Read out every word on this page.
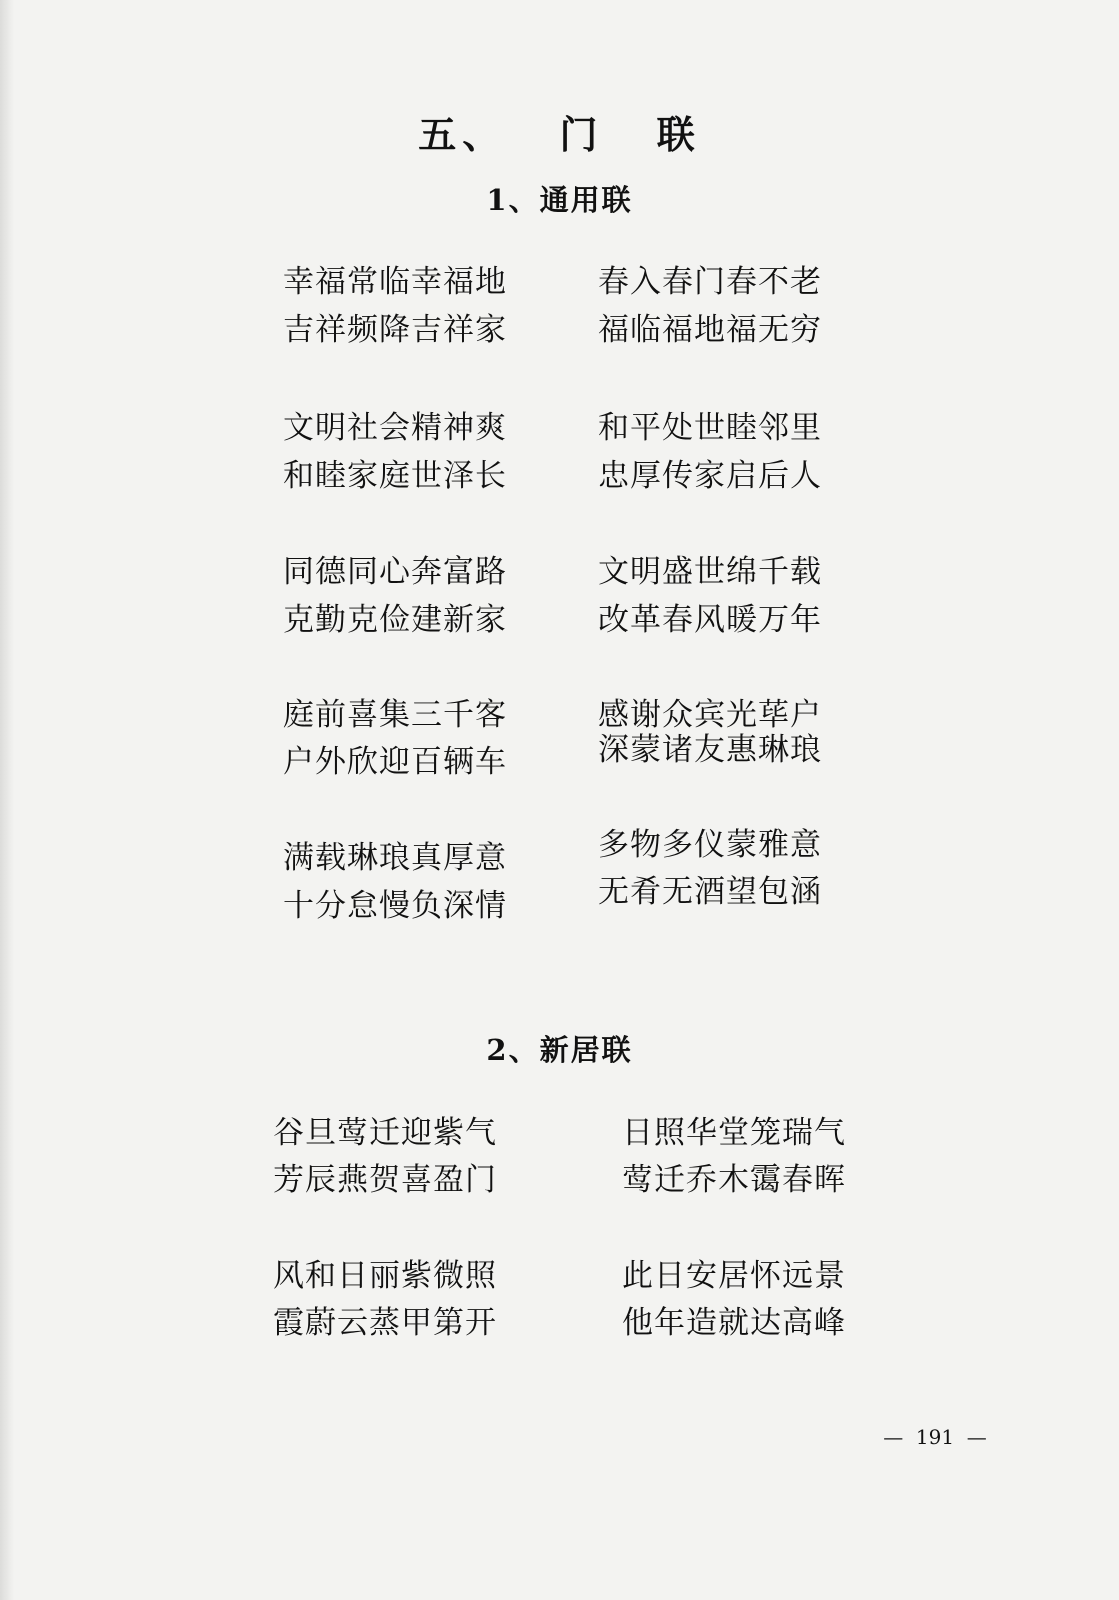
五、 门 联
1、通用联
幸福常临幸福地
吉祥频降吉祥家
春入春门春不老
福临福地福无穷
文明社会精神爽
和睦家庭世泽长
和平处世睦邻里
忠厚传家启后人
同德同心奔富路
克勤克俭建新家
文明盛世绵千载
改革春风暖万年
庭前喜集三千客
户外欣迎百辆车
感谢众宾光荜户
深蒙诸友惠琳琅
满载琳琅真厚意
十分怠慢负深情
多物多仪蒙雅意
无肴无酒望包涵
2、新居联
谷旦莺迁迎紫气
芳辰燕贺喜盈门
日照华堂笼瑞气
莺迁乔木霭春晖
风和日丽紫微照
霞蔚云蒸甲第开
此日安居怀远景
他年造就达高峰
—  191  —
